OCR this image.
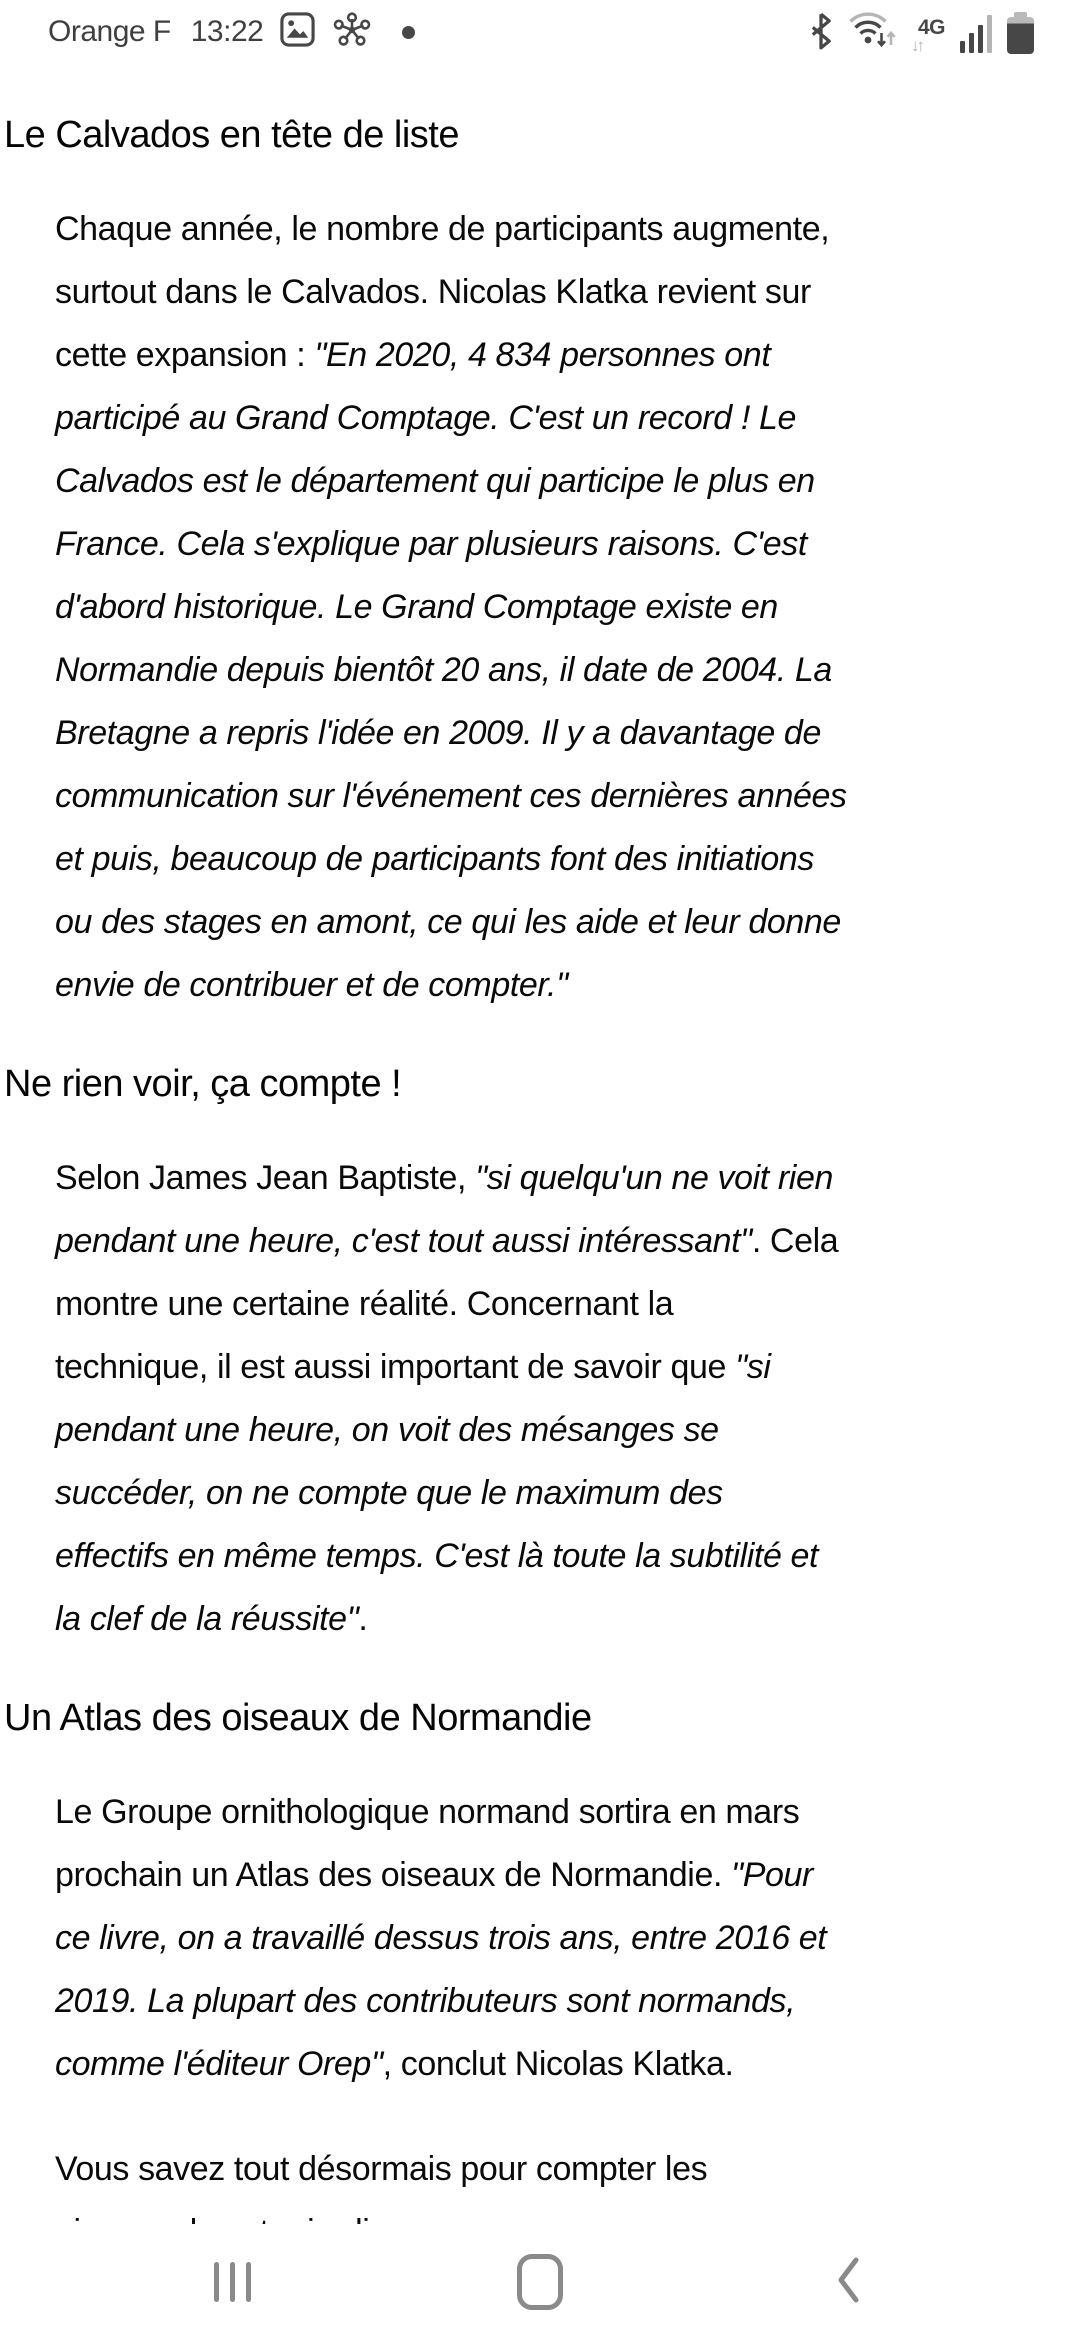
Orange F 13:22	4G
↓↑
Le Calvados en tête de liste

Chaque année, le nombre de participants augmente,
surtout dans le Calvados. Nicolas Klatka revient sur
cette expansion : "En 2020, 4 834 personnes ont
participé au Grand Comptage. C'est un record ! Le
Calvados est le département qui participe le plus en
France. Cela s'explique par plusieurs raisons. C'est
d'abord historique. Le Grand Comptage existe en
Normandie depuis bientôt 20 ans, il date de 2004. La
Bretagne a repris l'idée en 2009. Il y a davantage de
communication sur l'événement ces dernières années
et puis, beaucoup de participants font des initiations
ou des stages en amont, ce qui les aide et leur donne
envie de contribuer et de compter."

Ne rien voir, ça compte !

Selon James Jean Baptiste, "si quelqu'un ne voit rien
pendant une heure, c'est tout aussi intéressant". Cela
montre une certaine réalité. Concernant la
technique, il est aussi important de savoir que "si
pendant une heure, on voit des mésanges se
succéder, on ne compte que le maximum des
effectifs en même temps. C'est là toute la subtilité et
la clef de la réussite".

Un Atlas des oiseaux de Normandie

Le Groupe ornithologique normand sortira en mars
prochain un Atlas des oiseaux de Normandie. "Pour
ce livre, on a travaillé dessus trois ans, entre 2016 et
2019. La plupart des contributeurs sont normands,
comme l'éditeur Orep", conclut Nicolas Klatka.

Vous savez tout désormais pour compter les
